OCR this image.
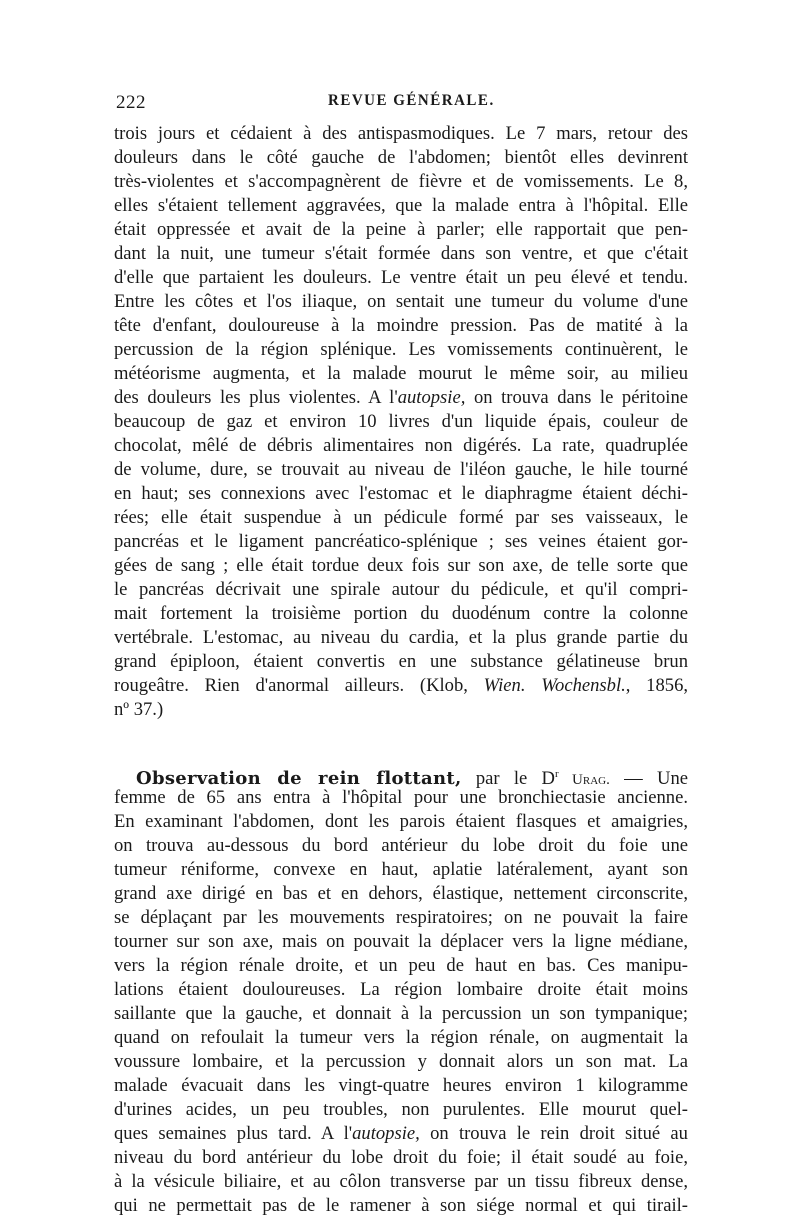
222	REVUE GÉNÉRALE.
trois jours et cédaient à des antispasmodiques. Le 7 mars, retour des
douleurs dans le côté gauche de l'abdomen; bientôt elles devinrent
très-violentes et s'accompagnèrent de fièvre et de vomissements. Le 8,
elles s'étaient tellement aggravées, que la malade entra à l'hôpital. Elle
était oppressée et avait de la peine à parler; elle rapportait que pen-
dant la nuit, une tumeur s'était formée dans son ventre, et que c'était
d'elle que partaient les douleurs. Le ventre était un peu élevé et tendu.
Entre les côtes et l'os iliaque, on sentait une tumeur du volume d'une
tête d'enfant, douloureuse à la moindre pression. Pas de matité à la
percussion de la région splénique. Les vomissements continuèrent, le
météorisme augmenta, et la malade mourut le même soir, au milieu
des douleurs les plus violentes. A l'autopsie, on trouva dans le péritoine
beaucoup de gaz et environ 10 livres d'un liquide épais, couleur de
chocolat, mêlé de débris alimentaires non digérés. La rate, quadruplée
de volume, dure, se trouvait au niveau de l'iléon gauche, le hile tourné
en haut; ses connexions avec l'estomac et le diaphragme étaient déchi-
rées; elle était suspendue à un pédicule formé par ses vaisseaux, le
pancréas et le ligament pancréatico-splénique ; ses veines étaient gor-
gées de sang ; elle était tordue deux fois sur son axe, de telle sorte que
le pancréas décrivait une spirale autour du pédicule, et qu'il compri-
mait fortement la troisième portion du duodénum contre la colonne
vertébrale. L'estomac, au niveau du cardia, et la plus grande partie du
grand épiploon, étaient convertis en une substance gélatineuse brun
rougeâtre. Rien d'anormal ailleurs. (Klob, Wien. Wochensbl., 1856,
nº 37.)
Observation de rein flottant, par le $D^r$ Urag. — Une
femme de 65 ans entra à l'hôpital pour une bronchiectasie ancienne.
En examinant l'abdomen, dont les parois étaient flasques et amaigries,
on trouva au-dessous du bord antérieur du lobe droit du foie une
tumeur réniforme, convexe en haut, aplatie latéralement, ayant son
grand axe dirigé en bas et en dehors, élastique, nettement circonscrite,
se déplaçant par les mouvements respiratoires; on ne pouvait la faire
tourner sur son axe, mais on pouvait la déplacer vers la ligne médiane,
vers la région rénale droite, et un peu de haut en bas. Ces manipu-
lations étaient douloureuses. La région lombaire droite était moins
saillante que la gauche, et donnait à la percussion un son tympanique;
quand on refoulait la tumeur vers la région rénale, on augmentait la
voussure lombaire, et la percussion y donnait alors un son mat. La
malade évacuait dans les vingt-quatre heures environ 1 kilogramme
d'urines acides, un peu troubles, non purulentes. Elle mourut quel-
ques semaines plus tard. A l'autopsie, on trouva le rein droit situé au
niveau du bord antérieur du lobe droit du foie; il était soudé au foie,
à la vésicule biliaire, et au côlon transverse par un tissu fibreux dense,
qui ne permettait pas de le ramener à son siége normal et qui tirail-
